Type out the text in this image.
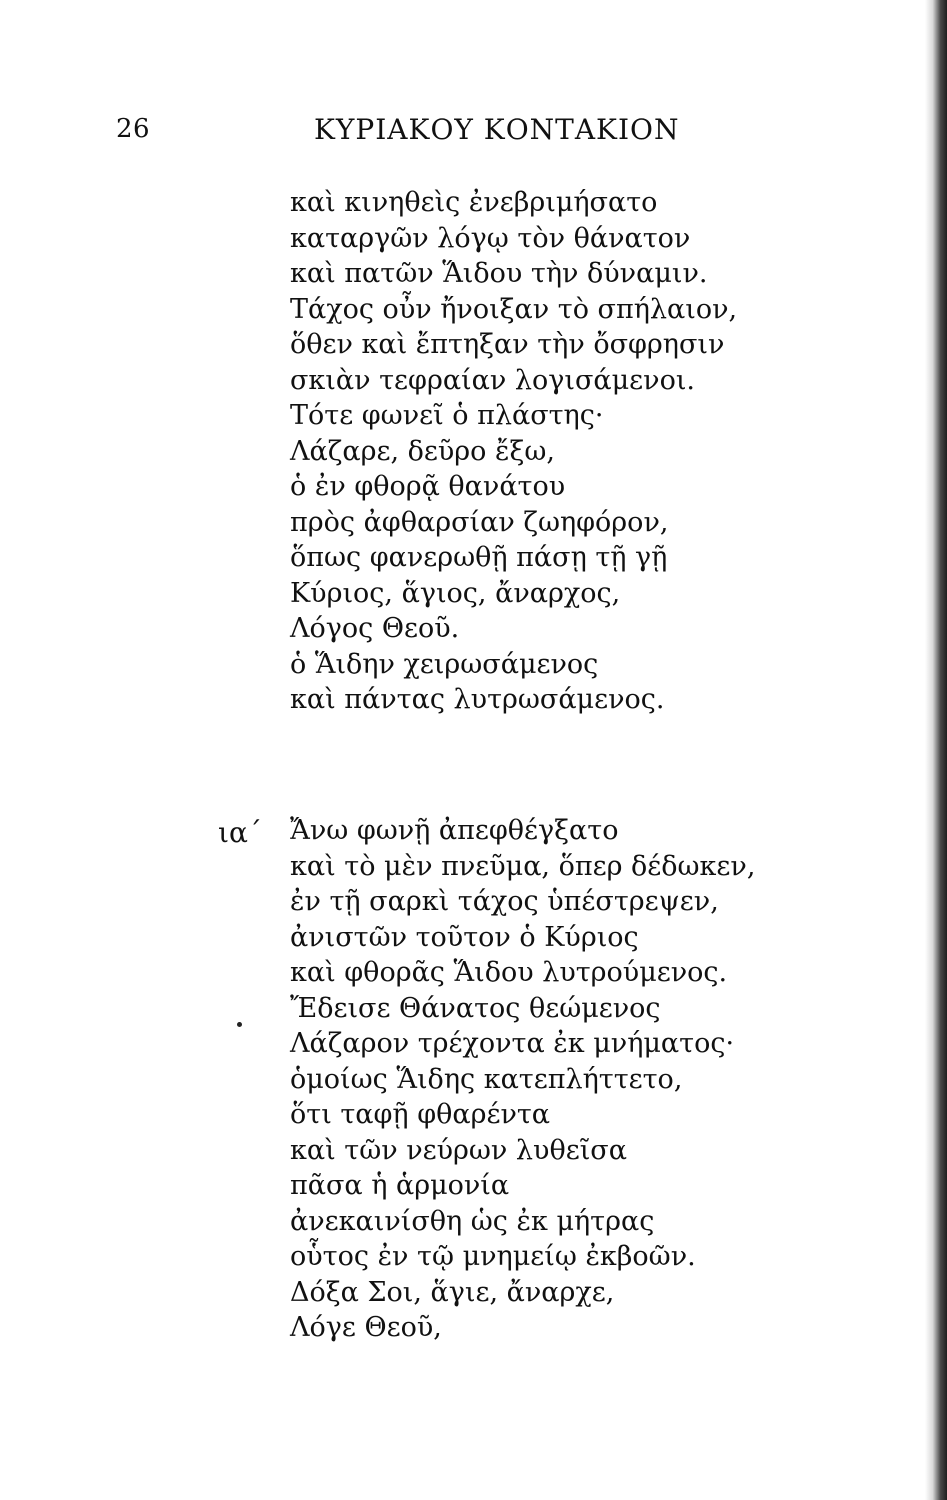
26	ΚΥΡΙΑΚΟΥ ΚΟΝΤΑΚΙΟΝ
καὶ κινηθεὶς ἐνεβριμήσατο
καταργῶν λόγῳ τὸν θάνατον
καὶ πατῶν Ἅιδου τὴν δύναμιν.
Τάχος οὖν ἤνοιξαν τὸ σπήλαιον,
ὅθεν καὶ ἔπτηξαν τὴν ὄσφρησιν
σκιὰν τεφραίαν λογισάμενοι.
Τότε φωνεῖ ὁ πλάστης·
Λάζαρε, δεῦρο ἔξω,
ὁ ἐν φθορᾷ θανάτου
πρὸς ἀφθαρσίαν ζωηφόρον,
ὅπως φανερωθῇ πάσῃ τῇ γῇ
Κύριος, ἅγιος, ἄναρχος,
Λόγος Θεοῦ.
ὁ Ἅιδην χειρωσάμενος
καὶ πάντας λυτρωσάμενος.
ια΄ Ἄνω φωνῇ ἀπεφθέγξατο
καὶ τὸ μὲν πνεῦμα, ὅπερ δέδωκεν,
ἐν τῇ σαρκὶ τάχος ὑπέστρεψεν,
ἀνιστῶν τοῦτον ὁ Κύριος
καὶ φθορᾶς Ἅιδου λυτρούμενος.
Ἔδεισε Θάνατος θεώμενος
Λάζαρον τρέχοντα ἐκ μνήματος·
ὁμοίως Ἅιδης κατεπλήττετο,
ὅτι ταφῇ φθαρέντα
καὶ τῶν νεύρων λυθεῖσα
πᾶσα ἡ ἁρμονία
ἀνεκαινίσθη ὡς ἐκ μήτρας
οὗτος ἐν τῷ μνημείῳ ἐκβοῶν.
Δόξα Σοι, ἅγιε, ἄναρχε,
Λόγε Θεοῦ,
